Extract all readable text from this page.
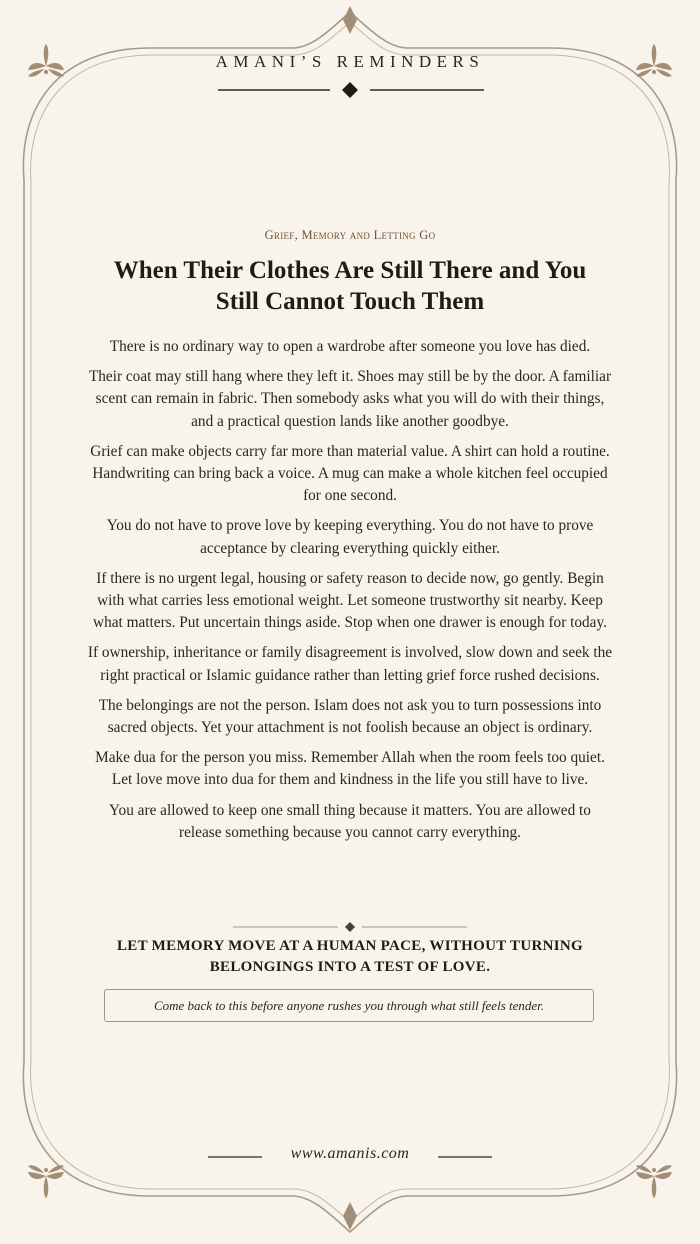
AMANI’S REMINDERS
Grief, Memory and Letting Go
When Their Clothes Are Still There and You Still Cannot Touch Them

There is no ordinary way to open a wardrobe after someone you love has died.

Their coat may still hang where they left it. Shoes may still be by the door. A familiar scent can remain in fabric. Then somebody asks what you will do with their things, and a practical question lands like another goodbye.

Grief can make objects carry far more than material value. A shirt can hold a routine. Handwriting can bring back a voice. A mug can make a whole kitchen feel occupied for one second.

You do not have to prove love by keeping everything. You do not have to prove acceptance by clearing everything quickly either.

If there is no urgent legal, housing or safety reason to decide now, go gently. Begin with what carries less emotional weight. Let someone trustworthy sit nearby. Keep what matters. Put uncertain things aside. Stop when one drawer is enough for today.

If ownership, inheritance or family disagreement is involved, slow down and seek the right practical or Islamic guidance rather than letting grief force rushed decisions.

The belongings are not the person. Islam does not ask you to turn possessions into sacred objects. Yet your attachment is not foolish because an object is ordinary.

Make dua for the person you miss. Remember Allah when the room feels too quiet. Let love move into dua for them and kindness in the life you still have to live.

You are allowed to keep one small thing because it matters. You are allowed to release something because you cannot carry everything.

LET MEMORY MOVE AT A HUMAN PACE, WITHOUT TURNING BELONGINGS INTO A TEST OF LOVE.
Come back to this before anyone rushes you through what still feels tender.
www.amanis.com
